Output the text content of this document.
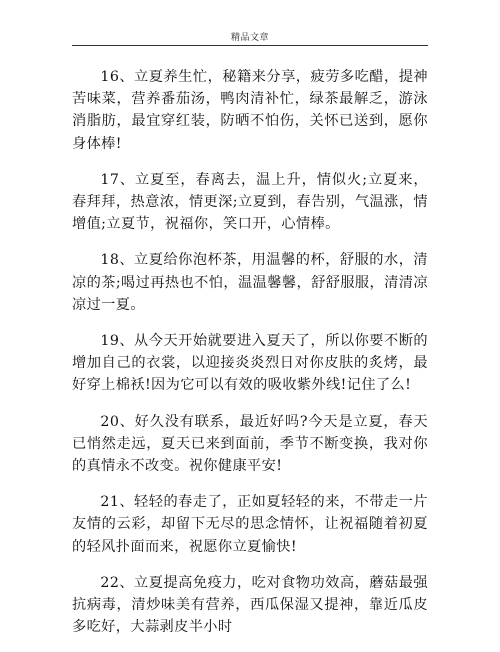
精品文章

16、立夏养生忙，秘籍来分享，疲劳多吃醋，提神苦味菜，营养番茄汤，鸭肉清补忙，绿茶最解乏，游泳消脂肪，最宜穿红装，防晒不怕伤，关怀已送到，愿你身体棒!

17、立夏至，春离去，温上升，情似火;立夏来，春拜拜，热意浓，情更深;立夏到，春告别，气温涨，情增值;立夏节，祝福你，笑口开，心情棒。

18、立夏给你泡杯茶，用温馨的杯，舒服的水，清凉的茶;喝过再热也不怕，温温馨馨，舒舒服服，清清凉凉过一夏。

19、从今天开始就要进入夏天了，所以你要不断的增加自己的衣裳，以迎接炎炎烈日对你皮肤的炙烤，最好穿上棉袄!因为它可以有效的吸收紫外线!记住了么!

20、好久没有联系，最近好吗?今天是立夏，春天已悄然走远，夏天已来到面前，季节不断变换，我对你的真情永不改变。祝你健康平安!

21、轻轻的春走了，正如夏轻轻的来，不带走一片友情的云彩，却留下无尽的思念情怀，让祝福随着初夏的轻风扑面而来，祝愿你立夏愉快!

22、立夏提高免疫力，吃对食物功效高，蘑菇最强抗病毒，清炒味美有营养，西瓜保湿又提神，靠近瓜皮多吃好，大蒜剥皮半小时
